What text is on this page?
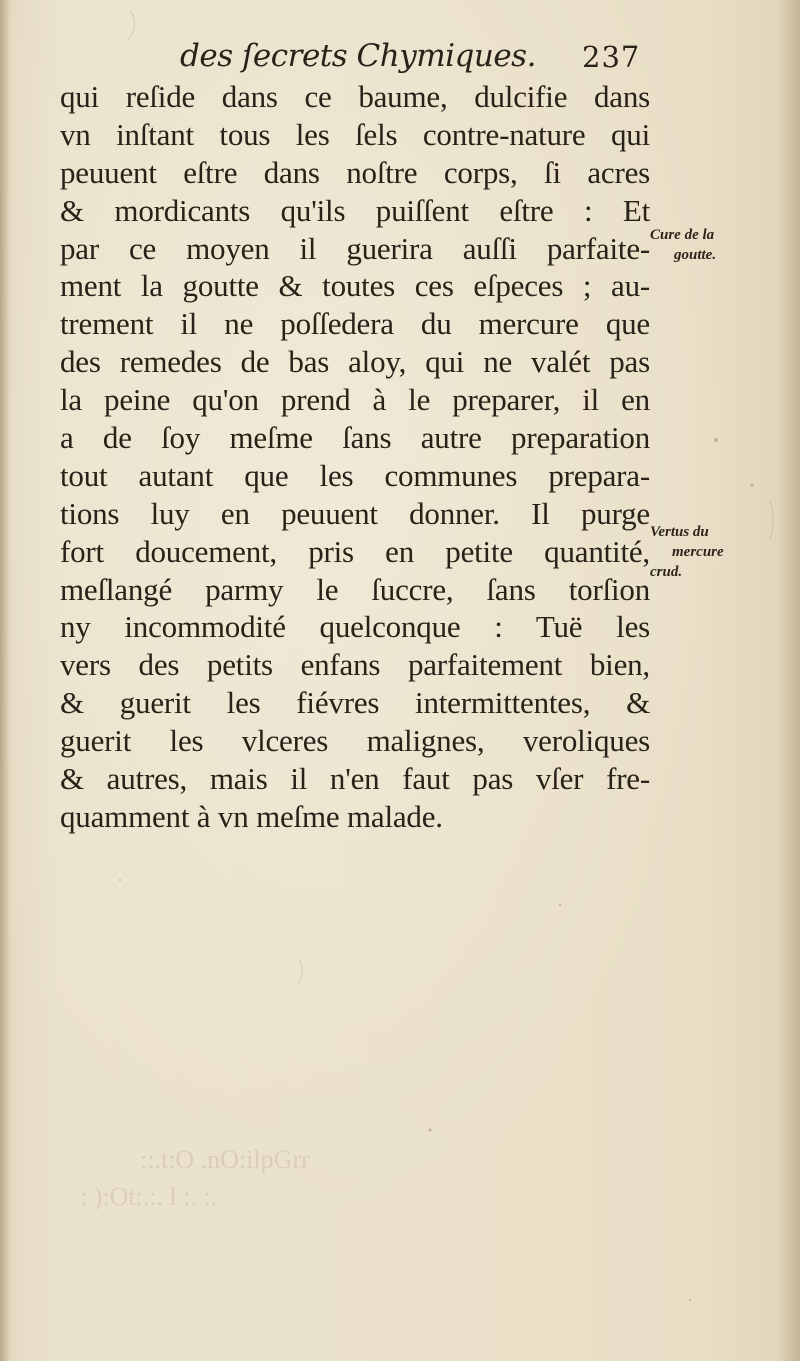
des ſecrets Chymiques. 237
qui reſide dans ce baume, dulcifie dans
vn inſtant tous les ſels contre-nature qui
peuuent eſtre dans noſtre corps, ſi acres
& mordicants qu'ils puiſſent eſtre : Et
par ce moyen il guerira auſſi parfaite-
ment la goutte & toutes ces eſpeces ; au-
trement il ne poſſedera du mercure que
des remedes de bas aloy, qui ne valét pas
la peine qu'on prend à le preparer, il en
a de ſoy meſme ſans autre preparation
tout autant que les communes prepara-
tions luy en peuuent donner. Il purge
fort doucement, pris en petite quantité,
meſlangé parmy le ſuccre, ſans torſion
ny incommodité quelconque : Tuë les
vers des petits enfans parfaitement bien,
& guerit les fiévres intermittentes, &
guerit les vlceres malignes, veroliques
& autres, mais il n'en faut pas vſer fre-
quamment à vn meſme malade.
Cure de la
goutte.
Vertus du
mercure
crud.
: ):Ot:.:. l :. :.
::.t:O .nO:ilpGrr
